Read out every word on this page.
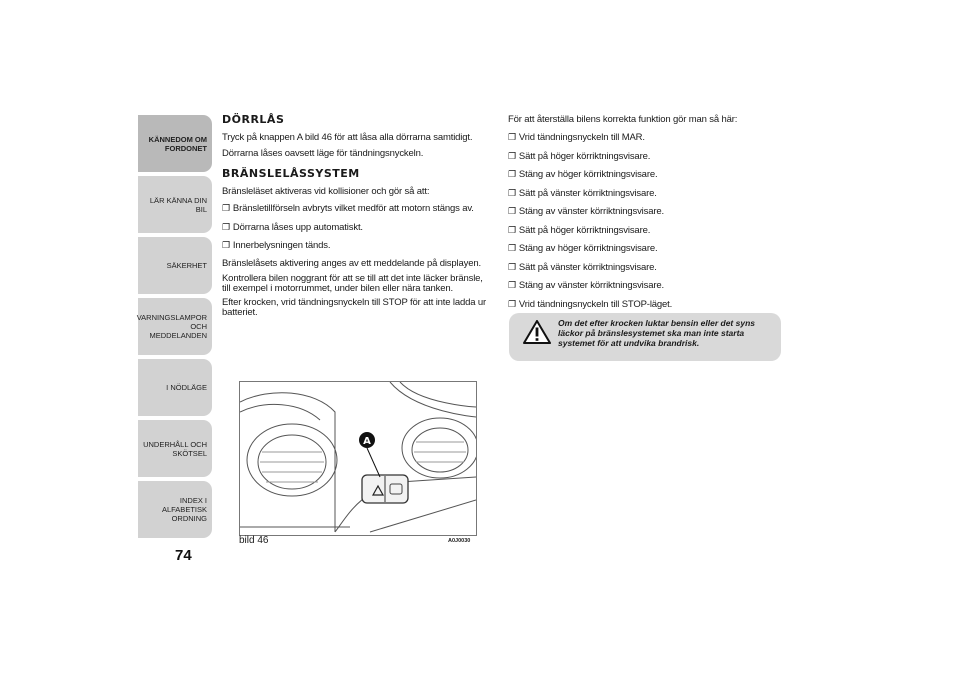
KÄNNEDOM OM
FORDONET
LÄR KÄNNA DIN BIL
SÄKERHET
VARNINGSLAMPOR
OCH MEDDELANDEN
I NÖDLÄGE
UNDERHÅLL OCH
SKÖTSEL
INDEX I ALFABETISK
ORDNING
74
DÖRRLÅS

Tryck på knappen A bild 46 för att låsa alla dörrarna samtidigt.

Dörrarna låses oavsett läge för tändningsnyckeln.

BRÄNSLELÅSSYSTEM

Bränsleläset aktiveras vid kollisioner och gör så att:

❐ Bränsletillförseln avbryts vilket medför att motorn stängs av.
❐ Dörrarna låses upp automatiskt.
❐ Innerbelysningen tänds.

Bränslelåsets aktivering anges av ett meddelande på displayen.

Kontrollera bilen noggrant för att se till att det inte läcker bränsle, till exempel i motorrummet, under bilen eller nära tanken.

Efter krocken, vrid tändningsnyckeln till STOP för att inte ladda ur batteriet.

För att återställa bilens korrekta funktion gör man så här:

❐ Vrid tändningsnyckeln till MAR.
❐ Sätt på höger körriktningsvisare.
❐ Stäng av höger körriktningsvisare.
❐ Sätt på vänster körriktningsvisare.
❐ Stäng av vänster körriktningsvisare.
❐ Sätt på höger körriktningsvisare.
❐ Stäng av höger körriktningsvisare.
❐ Sätt på vänster körriktningsvisare.
❐ Stäng av vänster körriktningsvisare.
❐ Vrid tändningsnyckeln till STOP-läget.
Om det efter krocken luktar bensin eller det syns läckor på bränslesystemet ska man inte starta systemet för att undvika brandrisk.
A
bild 46	A0J0030
